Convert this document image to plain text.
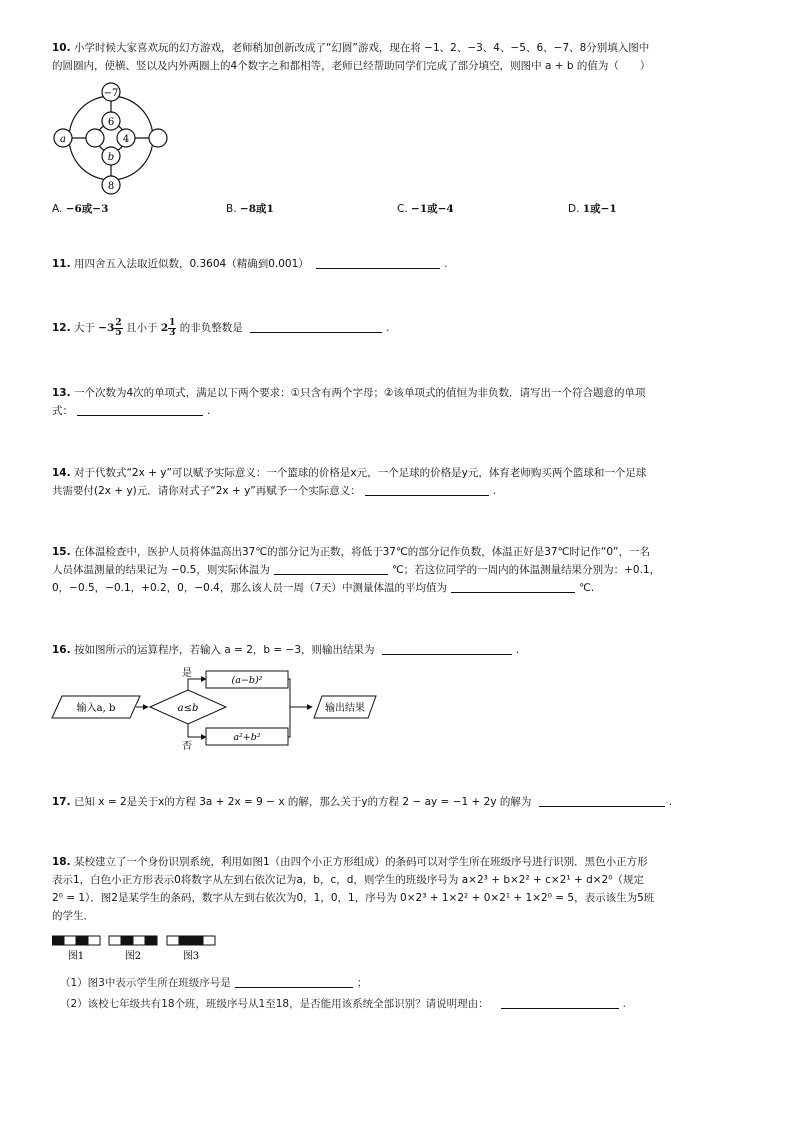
10. 小学时候大家喜欢玩的幻方游戏，老师稍加创新改成了“幻圆”游戏，现在将 −1、2、−3、4、−5、6、−7、8分别填入图中
的圆圈内，使横、竖以及内外两圈上的4个数字之和都相等，老师已经帮助同学们完成了部分填空，则图中 a + b 的值为（　　）
−7
6
4
a
b
8
A. −6或−3	B. −8或1	C. −1或−4	D. 1或−1
11. 用四舍五入法取近似数，0.3604（精确到0.001）	.
12. 大于 $-3 \frac{2}{5}$ 且小于 $2 \frac{1}{3}$ 的非负整数是	.
13. 一个次数为4次的单项式，满足以下两个要求：①只含有两个字母；②该单项式的值恒为非负数．请写出一个符合题意的单项
式：	.
14. 对于代数式“2x + y”可以赋予实际意义：一个篮球的价格是x元，一个足球的价格是y元，体育老师购买两个篮球和一个足球
共需要付(2x + y)元．请你对式子“2x + y”再赋予一个实际意义：	.
15. 在体温检查中，医护人员将体温高出37℃的部分记为正数，将低于37℃的部分记作负数，体温正好是37℃时记作“0”，一名
人员体温测量的结果记为 −0.5，则实际体温为	℃；若这位同学的一周内的体温测量结果分别为：+0.1，
0，−0.5，−0.1，+0.2，0，−0.4，那么该人员一周（7天）中测量体温的平均值为	℃.
16. 按如图所示的运算程序，若输入 a = 2，b = −3，则输出结果为	.
输入a, b	a≤b
是
(a−b)²
否
a²+b²
输出结果
17. 已知 x = 2是关于x的方程 3a + 2x = 9 − x 的解，那么关于y的方程 2 − ay = −1 + 2y 的解为	.
18. 某校建立了一个身份识别系统，利用如图1（由四个小正方形组成）的条码可以对学生所在班级序号进行识别．黑色小正方形
表示1，白色小正方形表示0将数字从左到右依次记为a，b，c，d，则学生的班级序号为 a×2³ + b×2² + c×2¹ + d×2⁰（规定
2⁰ = 1）．图2是某学生的条码，数字从左到右依次为0，1，0，1，序号为 0×2³ + 1×2² + 0×2¹ + 1×2⁰ = 5，表示该生为5班
的学生．
图1	图2	图3
（1）图3中表示学生所在班级序号是	；
（2）该校七年级共有18个班，班级序号从1至18，是否能用该系统全部识别？请说明理由：	.
